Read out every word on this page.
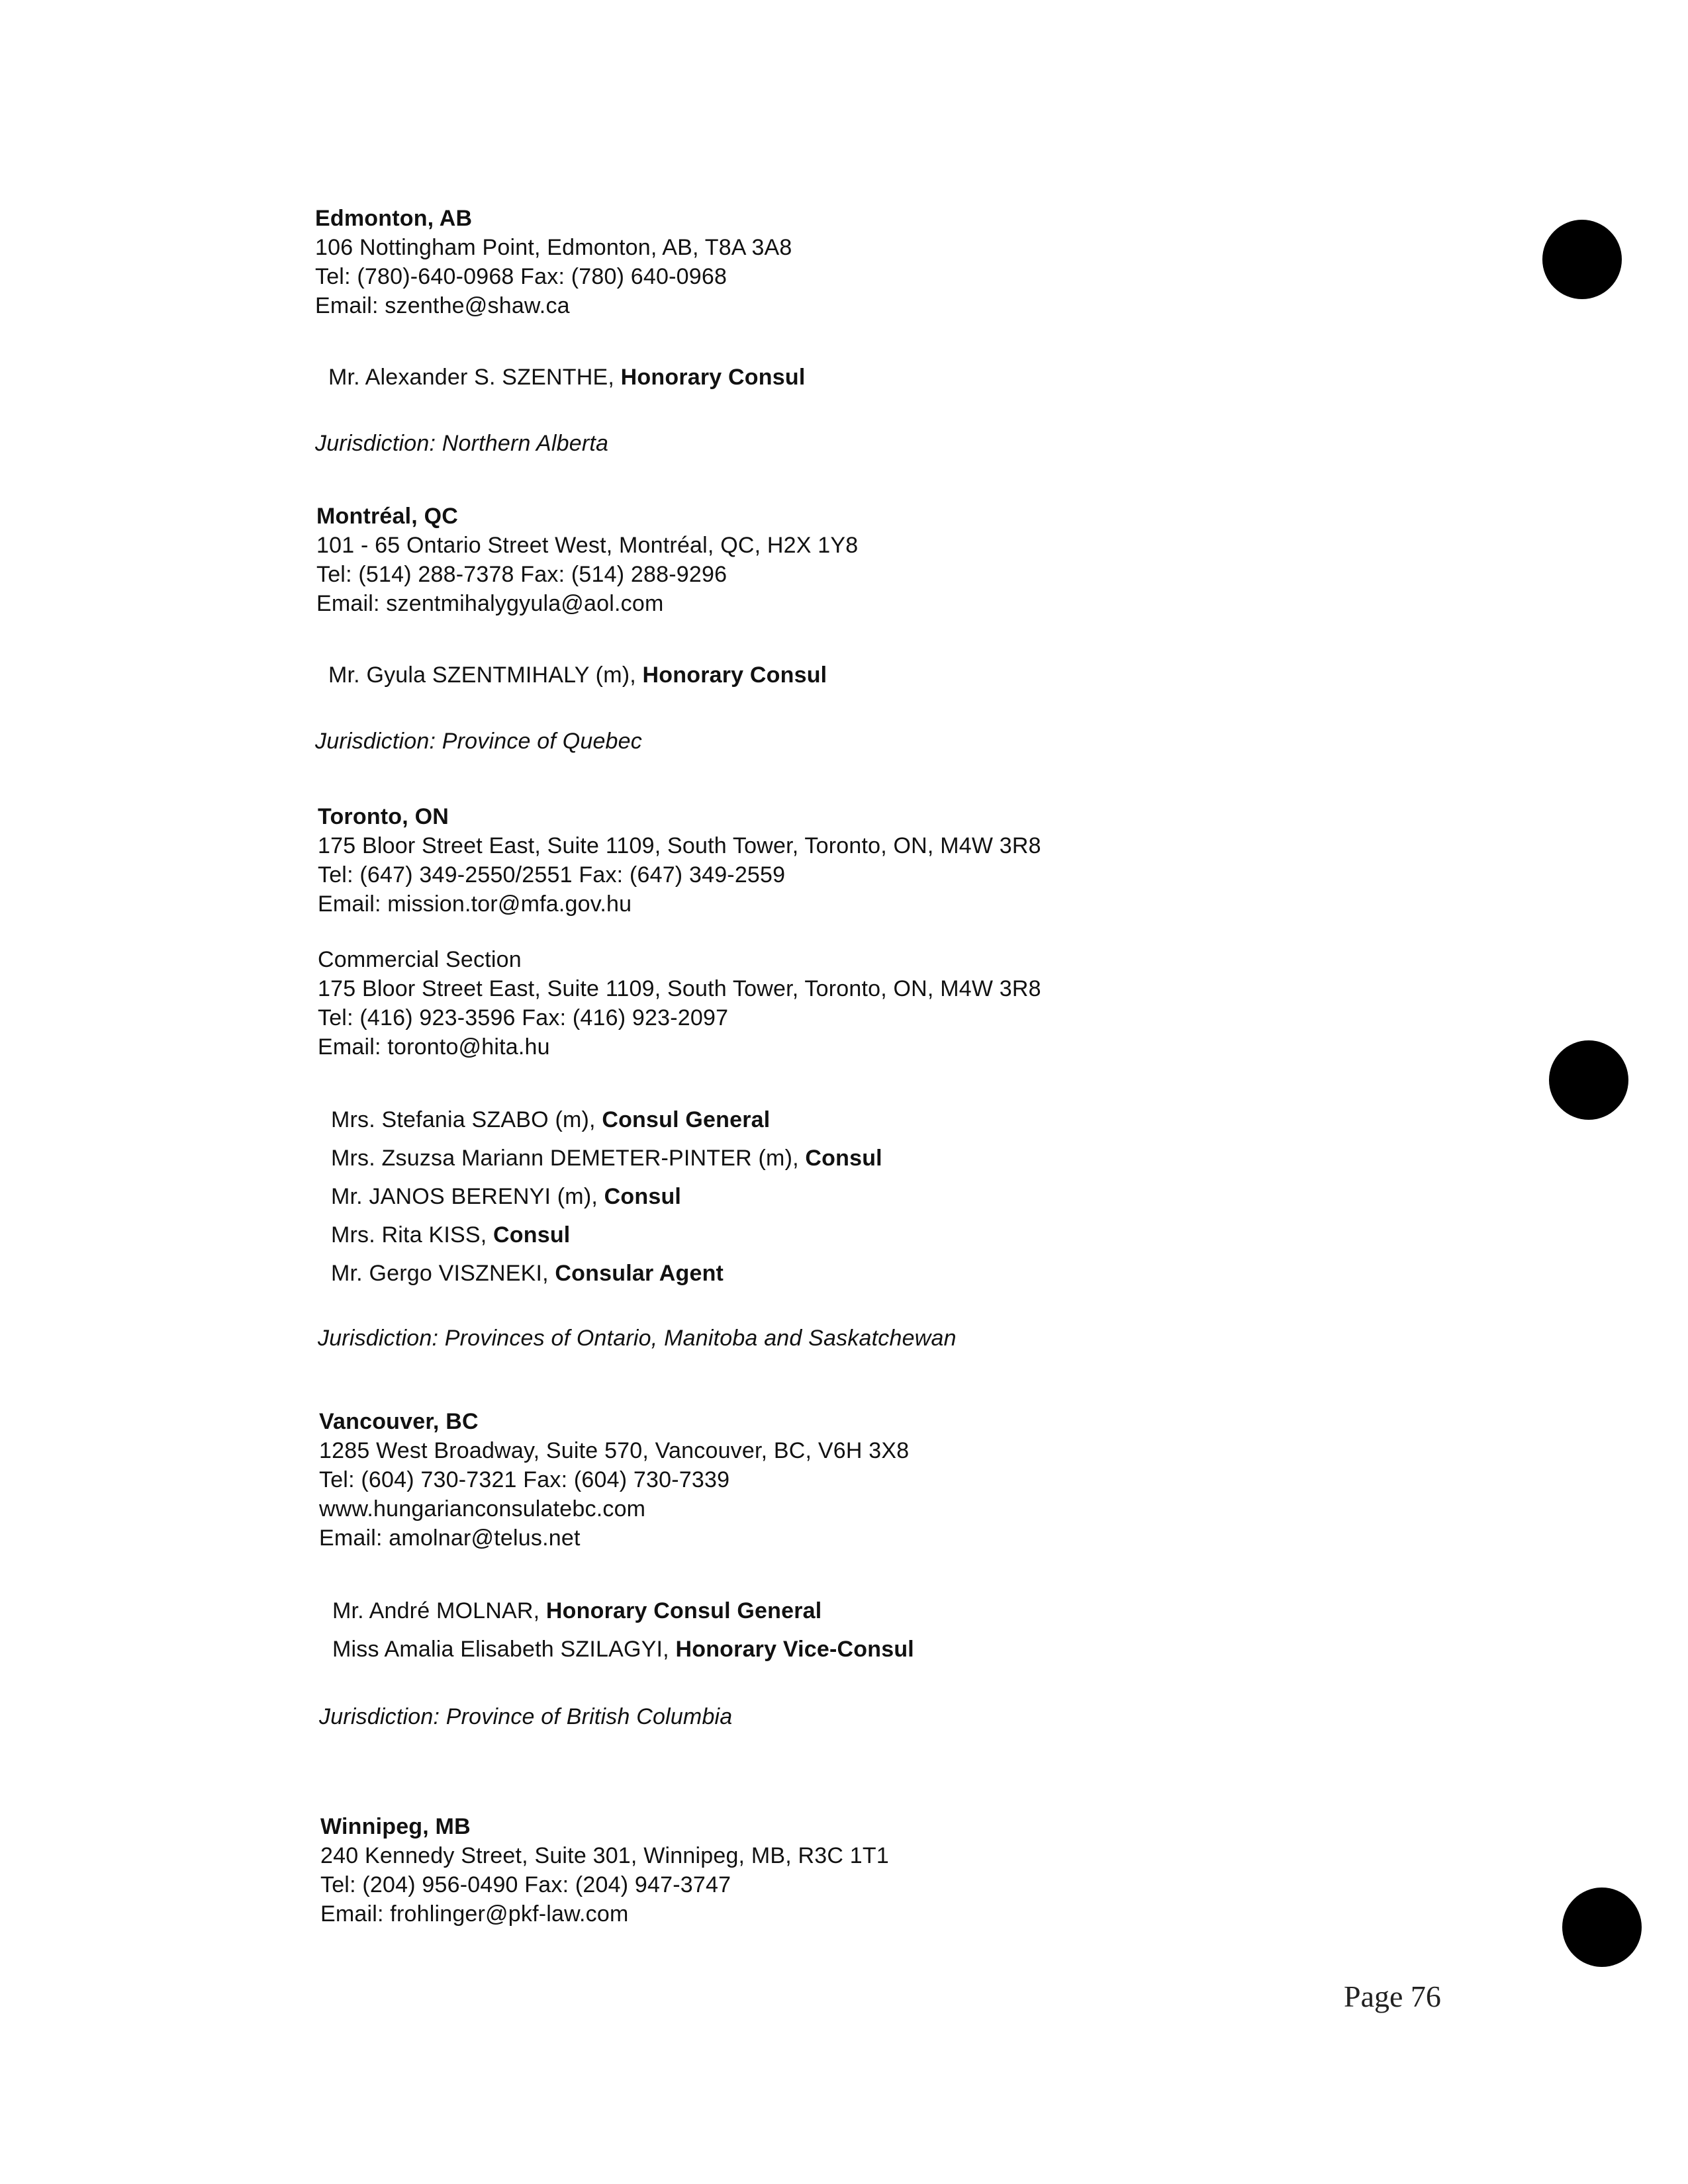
Edmonton, AB
106 Nottingham Point, Edmonton, AB, T8A 3A8
Tel: (780)-640-0968 Fax: (780) 640-0968
Email: szenthe@shaw.ca
Mr. Alexander S. SZENTHE, Honorary Consul
Jurisdiction: Northern Alberta
Montréal, QC
101 - 65 Ontario Street West, Montréal, QC, H2X 1Y8
Tel: (514) 288-7378 Fax: (514) 288-9296
Email: szentmihalygyula@aol.com
Mr. Gyula SZENTMIHALY (m), Honorary Consul
Jurisdiction: Province of Quebec
Toronto, ON
175 Bloor Street East, Suite 1109, South Tower, Toronto, ON, M4W 3R8
Tel: (647) 349-2550/2551 Fax: (647) 349-2559
Email: mission.tor@mfa.gov.hu
Commercial Section
175 Bloor Street East, Suite 1109, South Tower, Toronto, ON, M4W 3R8
Tel: (416) 923-3596 Fax: (416) 923-2097
Email: toronto@hita.hu
Mrs. Stefania SZABO (m), Consul General
Mrs. Zsuzsa Mariann DEMETER-PINTER (m), Consul
Mr. JANOS BERENYI (m), Consul
Mrs. Rita KISS, Consul
Mr. Gergo VISZNEKI, Consular Agent
Jurisdiction: Provinces of Ontario, Manitoba and Saskatchewan
Vancouver, BC
1285 West Broadway, Suite 570, Vancouver, BC, V6H 3X8
Tel: (604) 730-7321 Fax: (604) 730-7339
www.hungarianconsulatebc.com
Email: amolnar@telus.net
Mr. André MOLNAR, Honorary Consul General
Miss Amalia Elisabeth SZILAGYI, Honorary Vice-Consul
Jurisdiction: Province of British Columbia
Winnipeg, MB
240 Kennedy Street, Suite 301, Winnipeg, MB, R3C 1T1
Tel: (204) 956-0490 Fax: (204) 947-3747
Email: frohlinger@pkf-law.com
Page 76
